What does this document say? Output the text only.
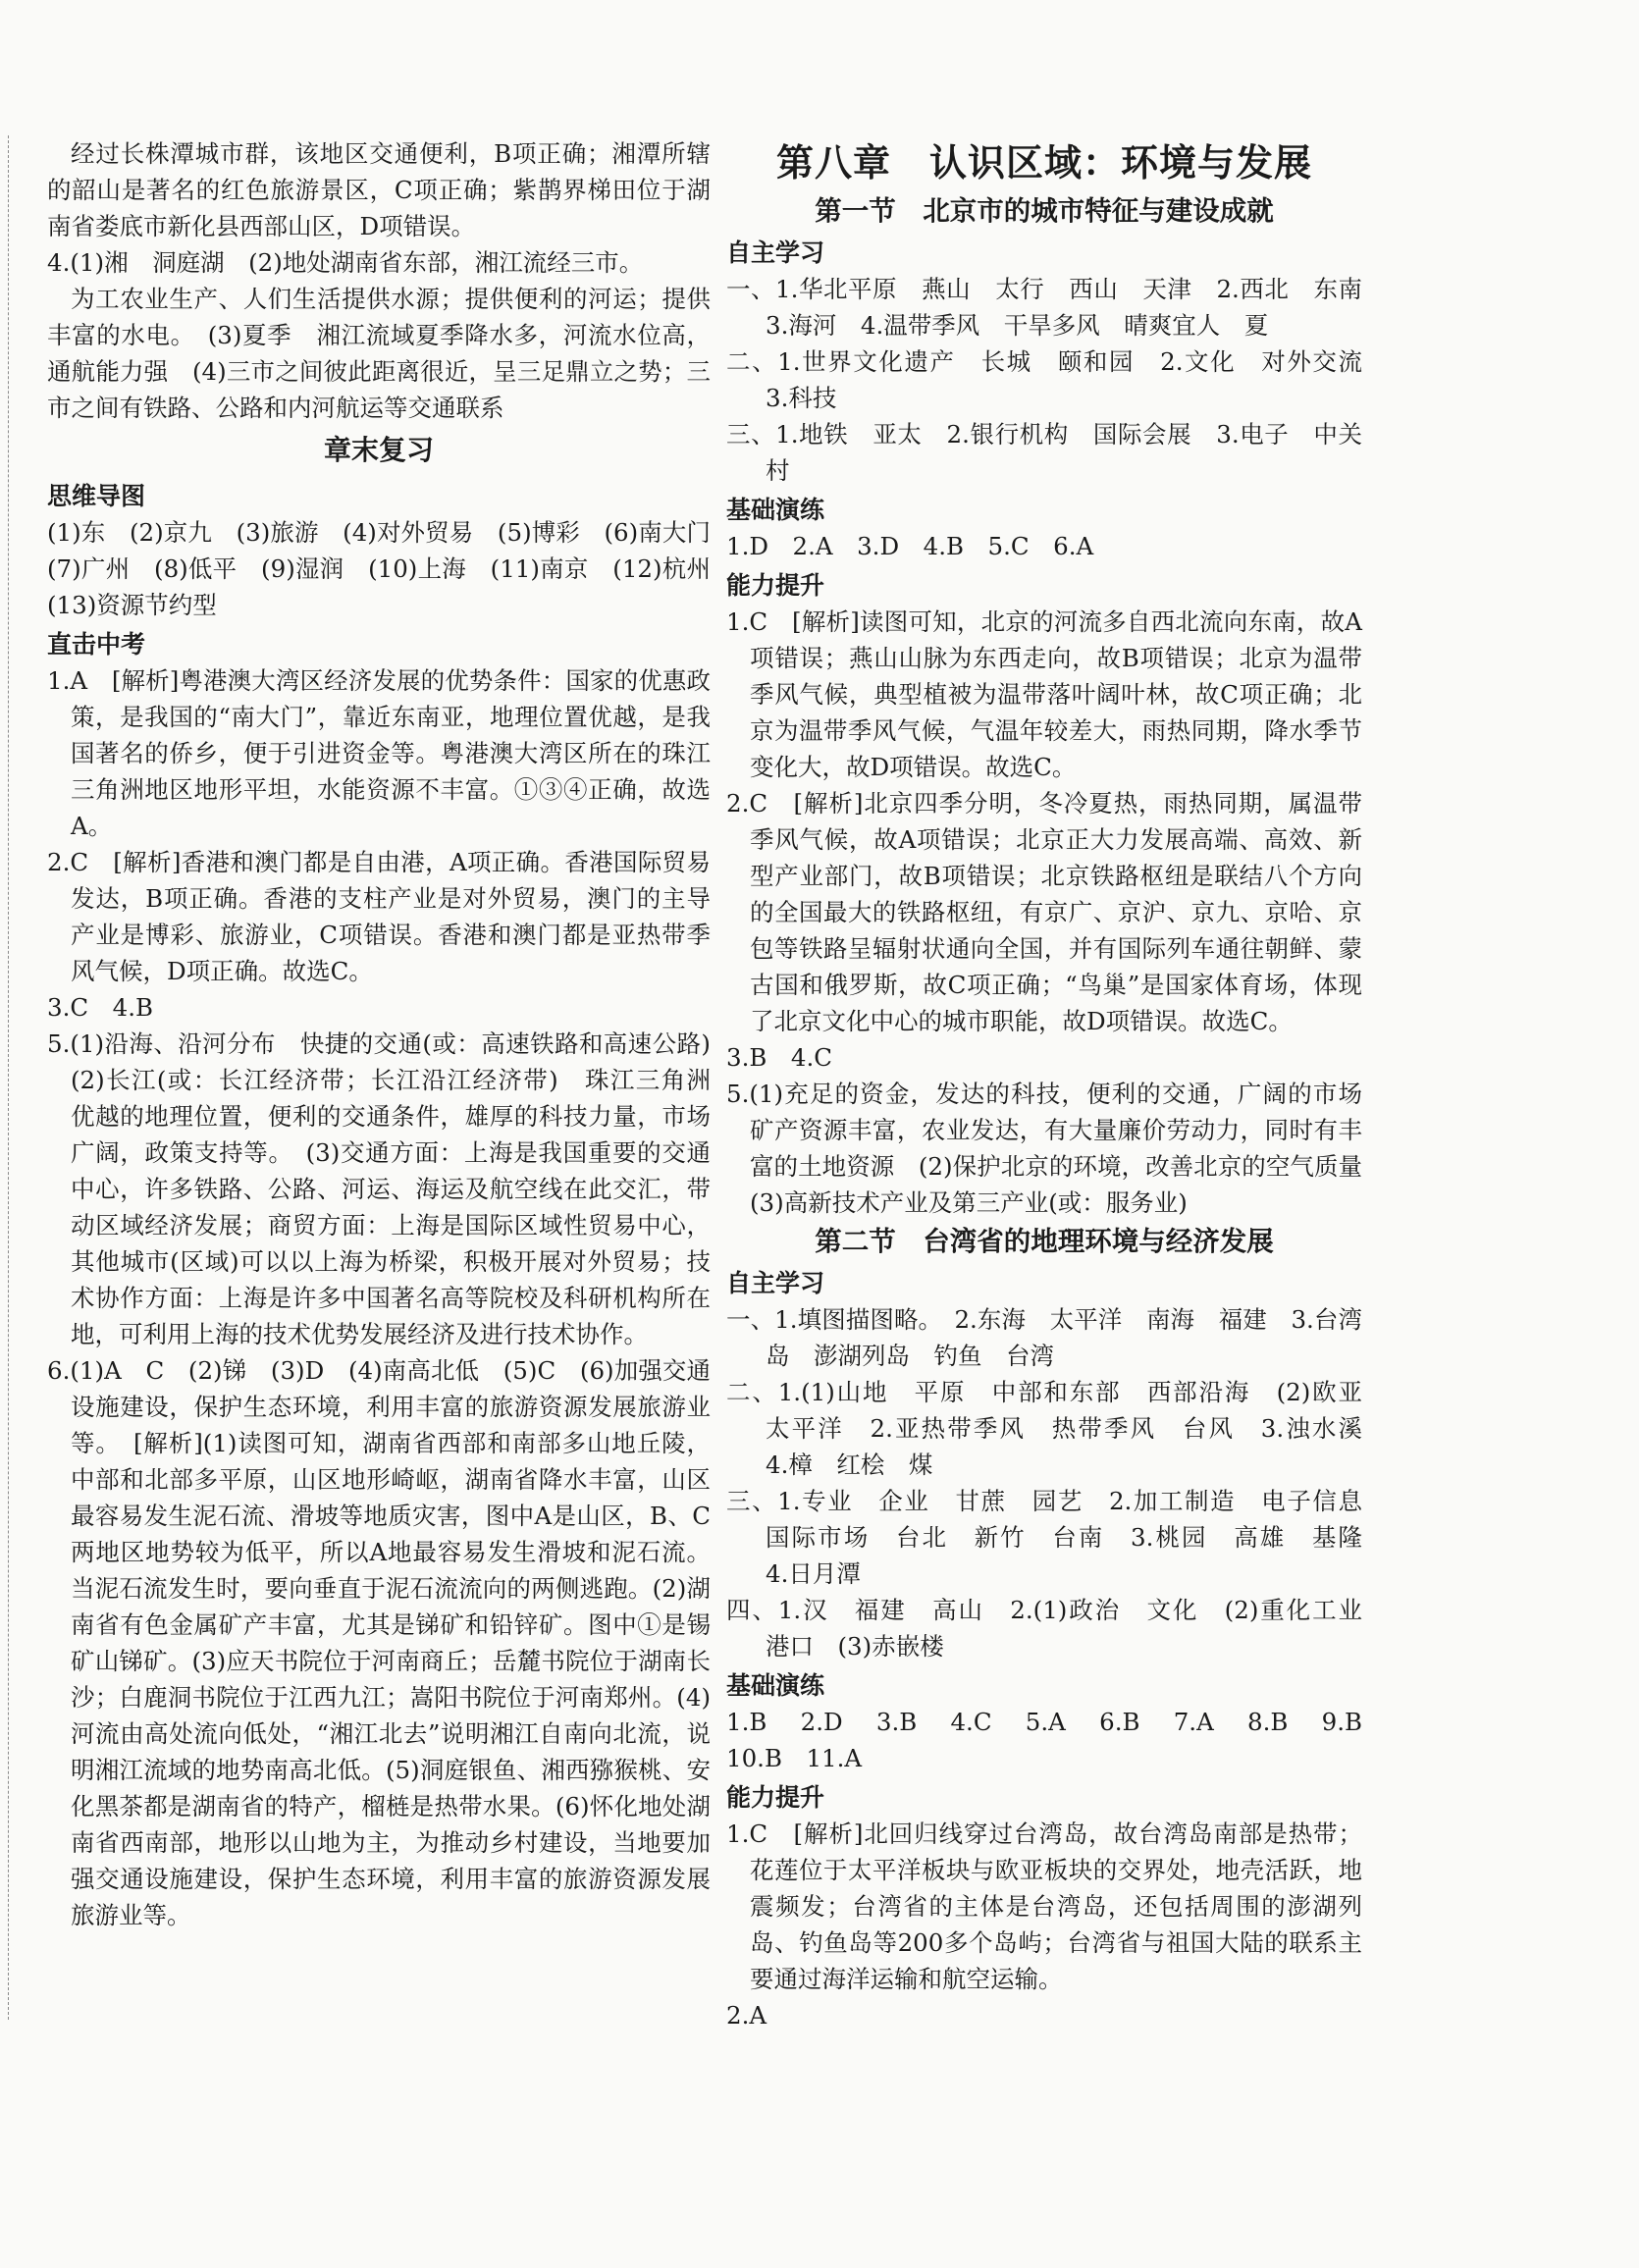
经过长株潭城市群，该地区交通便利，B项正确；湘潭所辖的韶山是著名的红色旅游景区，C项正确；紫鹊界梯田位于湖南省娄底市新化县西部山区，D项错误。

4.(1)湘　洞庭湖　(2)地处湖南省东部，湘江流经三市。

为工农业生产、人们生活提供水源；提供便利的河运；提供丰富的水电。　(3)夏季　湘江流域夏季降水多，河流水位高，通航能力强　(4)三市之间彼此距离很近，呈三足鼎立之势；三市之间有铁路、公路和内河航运等交通联系

章末复习

思维导图

(1)东　(2)京九　(3)旅游　(4)对外贸易　(5)博彩　(6)南大门　(7)广州　(8)低平　(9)湿润　(10)上海　(11)南京　(12)杭州　(13)资源节约型

直击中考

1.A　[解析]粤港澳大湾区经济发展的优势条件：国家的优惠政策，是我国的“南大门”，靠近东南亚，地理位置优越，是我国著名的侨乡，便于引进资金等。粤港澳大湾区所在的珠江三角洲地区地形平坦，水能资源不丰富。①③④正确，故选A。

2.C　[解析]香港和澳门都是自由港，A项正确。香港国际贸易发达，B项正确。香港的支柱产业是对外贸易，澳门的主导产业是博彩、旅游业，C项错误。香港和澳门都是亚热带季风气候，D项正确。故选C。

3.C　4.B

5.(1)沿海、沿河分布　快捷的交通(或：高速铁路和高速公路)　(2)长江(或：长江经济带；长江沿江经济带)　珠江三角洲　优越的地理位置，便利的交通条件，雄厚的科技力量，市场广阔，政策支持等。　(3)交通方面：上海是我国重要的交通中心，许多铁路、公路、河运、海运及航空线在此交汇，带动区域经济发展；商贸方面：上海是国际区域性贸易中心，其他城市(区域)可以以上海为桥梁，积极开展对外贸易；技术协作方面：上海是许多中国著名高等院校及科研机构所在地，可利用上海的技术优势发展经济及进行技术协作。

6.(1)A　C　(2)锑　(3)D　(4)南高北低　(5)C　(6)加强交通设施建设，保护生态环境，利用丰富的旅游资源发展旅游业等。　[解析](1)读图可知，湖南省西部和南部多山地丘陵，中部和北部多平原，山区地形崎岖，湖南省降水丰富，山区最容易发生泥石流、滑坡等地质灾害，图中A是山区，B、C两地区地势较为低平，所以A地最容易发生滑坡和泥石流。当泥石流发生时，要向垂直于泥石流流向的两侧逃跑。(2)湖南省有色金属矿产丰富，尤其是锑矿和铅锌矿。图中①是锡矿山锑矿。(3)应天书院位于河南商丘；岳麓书院位于湖南长沙；白鹿洞书院位于江西九江；嵩阳书院位于河南郑州。(4)河流由高处流向低处，“湘江北去”说明湘江自南向北流，说明湘江流域的地势南高北低。(5)洞庭银鱼、湘西猕猴桃、安化黑茶都是湖南省的特产，榴梿是热带水果。(6)怀化地处湖南省西南部，地形以山地为主，为推动乡村建设，当地要加强交通设施建设，保护生态环境，利用丰富的旅游资源发展旅游业等。

第八章　认识区域：环境与发展

第一节　北京市的城市特征与建设成就

自主学习

一、1.华北平原　燕山　太行　西山　天津　2.西北　东南　3.海河　4.温带季风　干旱多风　晴爽宜人　夏

二、1.世界文化遗产　长城　颐和园　2.文化　对外交流　3.科技

三、1.地铁　亚太　2.银行机构　国际会展　3.电子　中关村

基础演练

1.D　2.A　3.D　4.B　5.C　6.A

能力提升

1.C　[解析]读图可知，北京的河流多自西北流向东南，故A项错误；燕山山脉为东西走向，故B项错误；北京为温带季风气候，典型植被为温带落叶阔叶林，故C项正确；北京为温带季风气候，气温年较差大，雨热同期，降水季节变化大，故D项错误。故选C。

2.C　[解析]北京四季分明，冬冷夏热，雨热同期，属温带季风气候，故A项错误；北京正大力发展高端、高效、新型产业部门，故B项错误；北京铁路枢纽是联结八个方向的全国最大的铁路枢纽，有京广、京沪、京九、京哈、京包等铁路呈辐射状通向全国，并有国际列车通往朝鲜、蒙古国和俄罗斯，故C项正确；“鸟巢”是国家体育场，体现了北京文化中心的城市职能，故D项错误。故选C。

3.B　4.C

5.(1)充足的资金，发达的科技，便利的交通，广阔的市场　矿产资源丰富，农业发达，有大量廉价劳动力，同时有丰富的土地资源　(2)保护北京的环境，改善北京的空气质量　(3)高新技术产业及第三产业(或：服务业)

第二节　台湾省的地理环境与经济发展

自主学习

一、1.填图描图略。　2.东海　太平洋　南海　福建　3.台湾岛　澎湖列岛　钓鱼　台湾

二、1.(1)山地　平原　中部和东部　西部沿海　(2)欧亚　太平洋　2.亚热带季风　热带季风　台风　3.浊水溪　4.樟　红桧　煤

三、1.专业　企业　甘蔗　园艺　2.加工制造　电子信息　国际市场　台北　新竹　台南　3.桃园　高雄　基隆　4.日月潭

四、1.汉　福建　高山　2.(1)政治　文化　(2)重化工业　港口　(3)赤嵌楼

基础演练

1.B　2.D　3.B　4.C　5.A　6.B　7.A　8.B　9.B　10.B　11.A

能力提升

1.C　[解析]北回归线穿过台湾岛，故台湾岛南部是热带；花莲位于太平洋板块与欧亚板块的交界处，地壳活跃，地震频发；台湾省的主体是台湾岛，还包括周围的澎湖列岛、钓鱼岛等200多个岛屿；台湾省与祖国大陆的联系主要通过海洋运输和航空运输。

2.A
